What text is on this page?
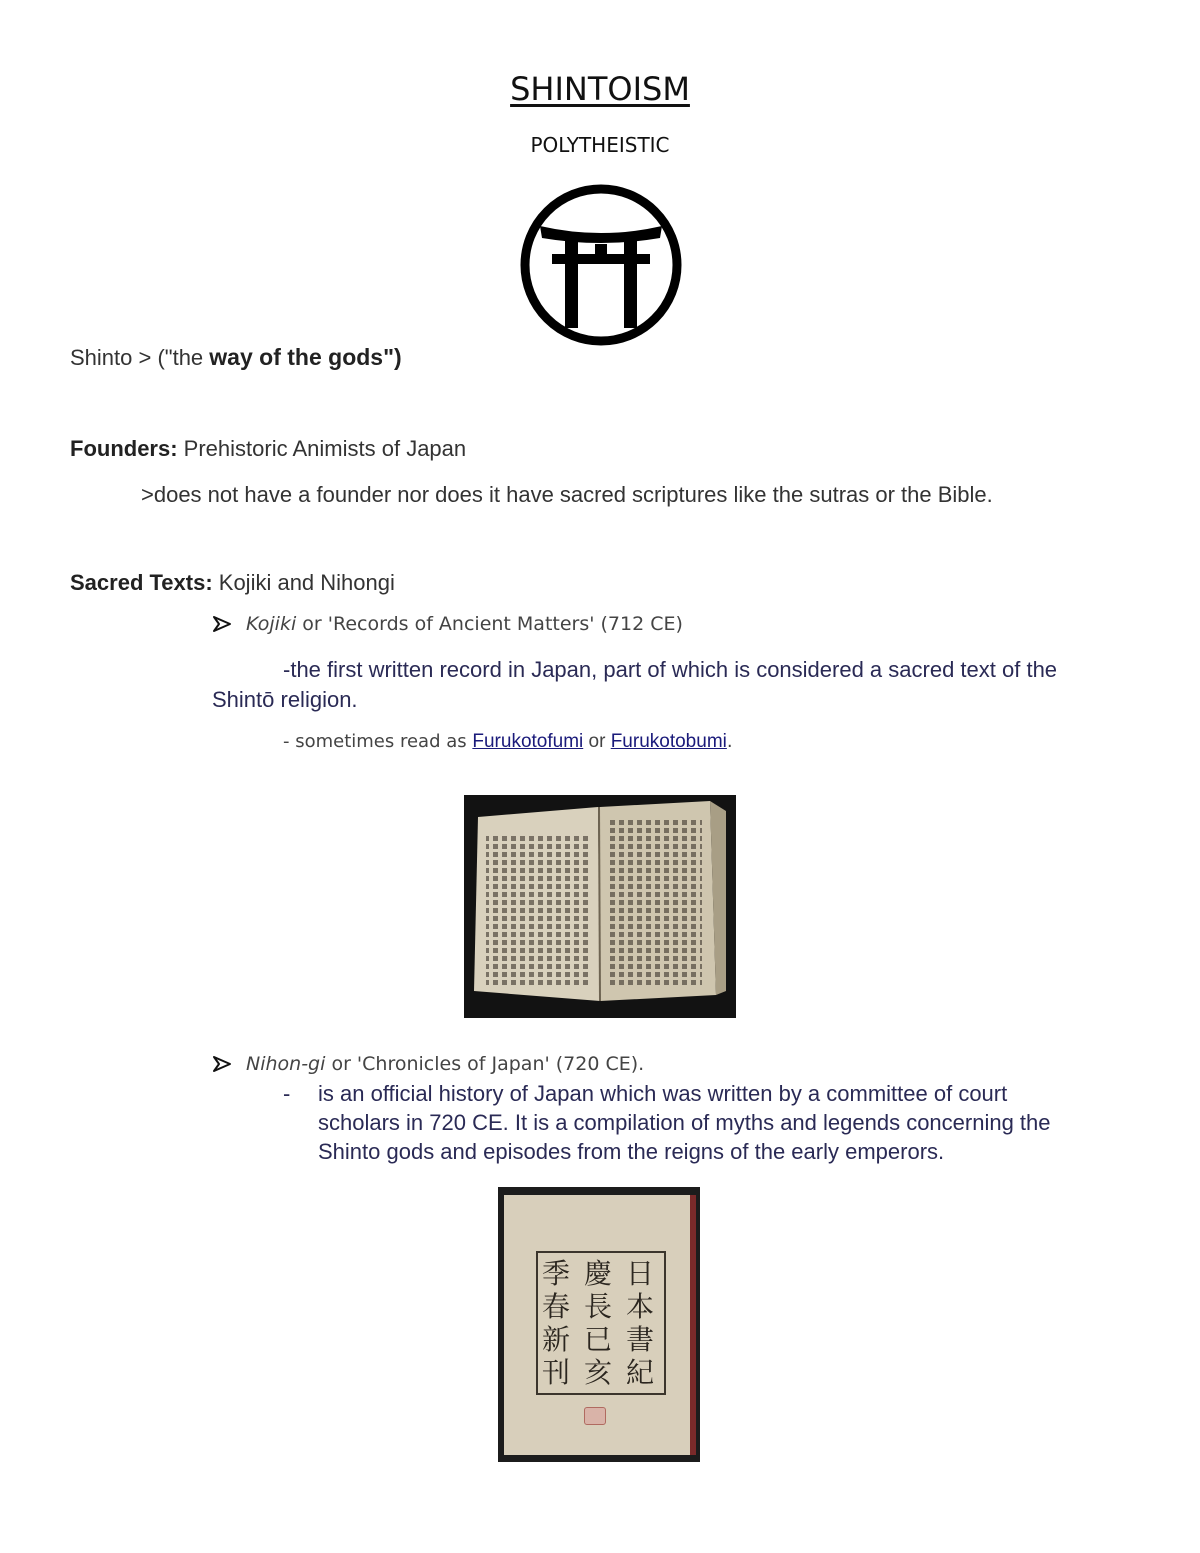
SHINTOISM
POLYTHEISTIC
Shinto > ("the way of the gods")
Founders: Prehistoric Animists of Japan
>does not have a founder nor does it have sacred scriptures like the sutras or the Bible.
Sacred Texts: Kojiki and Nihongi
Kojiki or 'Records of Ancient Matters' (712 CE)
-the first written record in Japan, part of which is considered a sacred text of the
Shintō religion.
- sometimes read as Furukotofumi or Furukotobumi.
Nihon-gi or 'Chronicles of Japan' (720 CE).
- is an official history of Japan which was written by a committee of court
scholars in 720 CE. It is a compilation of myths and legends concerning the
Shinto gods and episodes from the reigns of the early emperors.
日本書紀
慶長已亥
季春新刊
